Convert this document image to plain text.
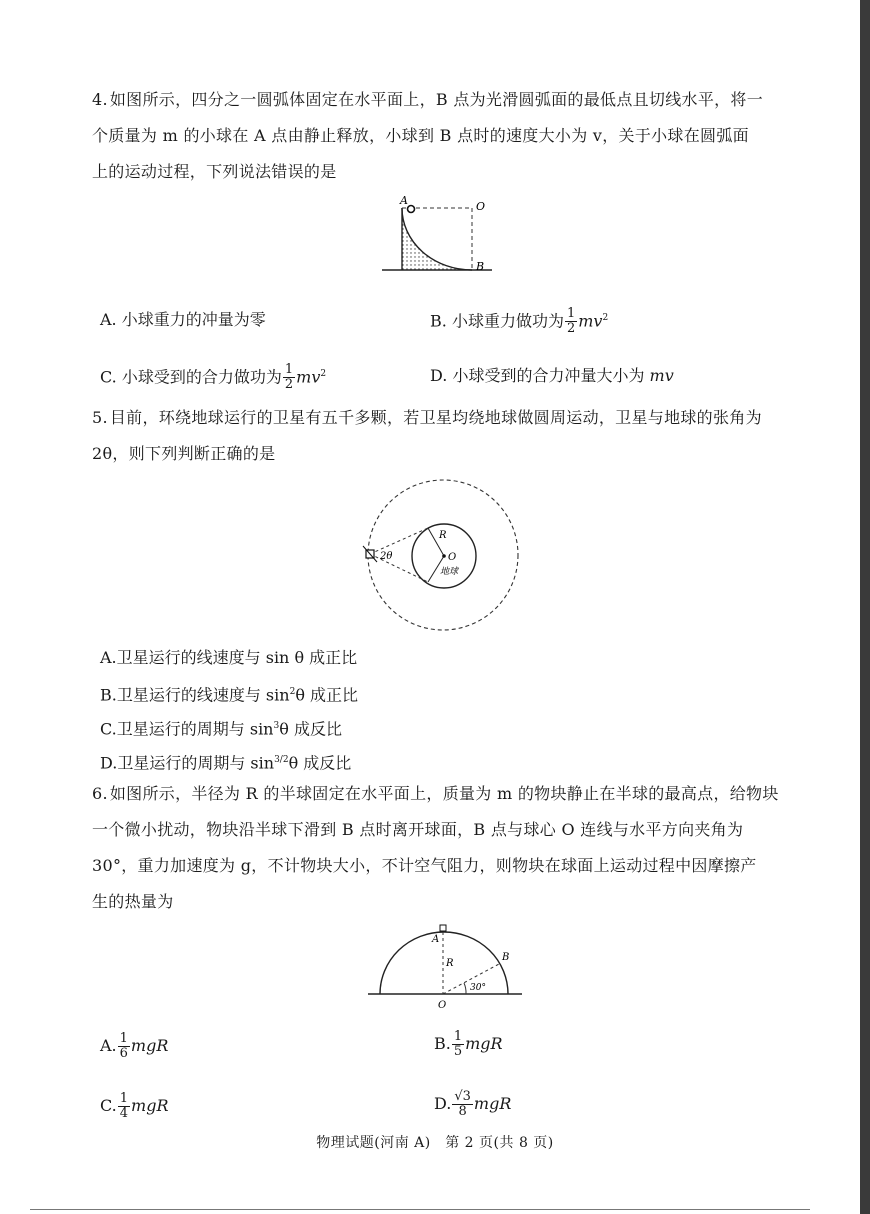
4. 如图所示，四分之一圆弧体固定在水平面上，B 点为光滑圆弧面的最低点且切线水平，将一
个质量为 m 的小球在 A 点由静止释放，小球到 B 点时的速度大小为 v，关于小球在圆弧面
上的运动过程，下列说法错误的是
A	O
B
A. 小球重力的冲量为零	B. 小球重力做功为 $\frac{1}{2} mv^2$
C. 小球受到的合力做功为 $\frac{1}{2} mv^2$	D. 小球受到的合力冲量大小为 mv
5. 目前，环绕地球运行的卫星有五千多颗，若卫星均绕地球做圆周运动，卫星与地球的张角为
2θ，则下列判断正确的是
2θ
R
O
地球
A.卫星运行的线速度与 sin θ 成正比
B.卫星运行的线速度与 $\sin^2\theta$ 成正比
C.卫星运行的周期与 $\sin^3\theta$ 成反比
D.卫星运行的周期与 $\sin^{3/2}\theta$ 成反比
6. 如图所示，半径为 R 的半球固定在水平面上，质量为 m 的物块静止在半球的最高点，给物块
一个微小扰动，物块沿半球下滑到 B 点时离开球面，B 点与球心 O 连线与水平方向夹角为
30°，重力加速度为 g，不计物块大小，不计空气阻力，则物块在球面上运动过程中因摩擦产
生的热量为
A
B
O
R
30°
A. $\frac{1}{6}$ mgR	B. $\frac{1}{5}$ mgR
C. $\frac{1}{4}$ mgR	D. $\frac{√3}{8}$ mgR
物理试题(河南 A)　第 2 页(共 8 页)
